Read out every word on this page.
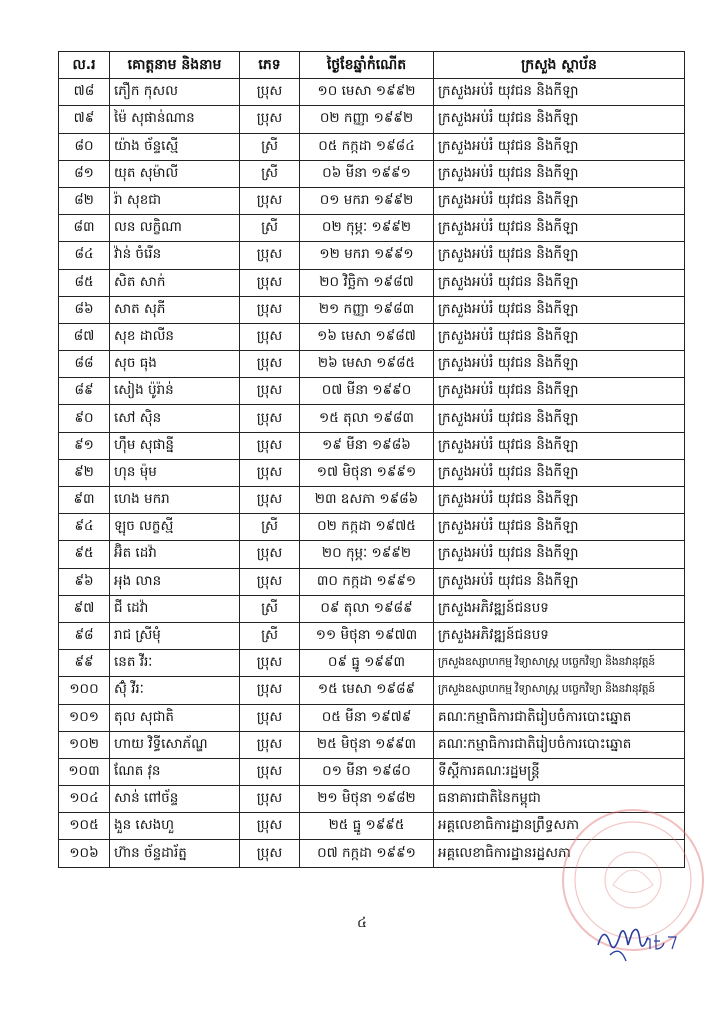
ល.រ	គោត្តនាម និងនាម	ភេទ	ថ្ងៃខែឆ្នាំកំណើត	ក្រសួង ស្ថាប័ន
៧៨	ភឿក កុសល	ប្រុស	១០ មេសា ១៩៩២	ក្រសួងអប់រំ យុវជន និងកីឡា
៧៩	ម៉ៃ សុផាន់ណាន	ប្រុស	០២ កញ្ញា ១៩៩២	ក្រសួងអប់រំ យុវជន និងកីឡា
៨០	យ៉ាង ច័ន្ទស្មើ	ស្រី	០៥ កក្កដា ១៩៨៤	ក្រសួងអប់រំ យុវជន និងកីឡា
៨១	យុត សុម៉ាលី	ស្រី	០៦ មីនា ១៩៩១	ក្រសួងអប់រំ យុវជន និងកីឡា
៨២	រ៉ា សុខជា	ប្រុស	០១ មករា ១៩៩២	ក្រសួងអប់រំ យុវជន និងកីឡា
៨៣	លន លក្ខិណា	ស្រី	០២ កុម្ភៈ ១៩៩២	ក្រសួងអប់រំ យុវជន និងកីឡា
៨៤	វ៉ាន់ ចំរើន	ប្រុស	១២ មករា ១៩៩១	ក្រសួងអប់រំ យុវជន និងកីឡា
៨៥	សិត សាក់	ប្រុស	២០ វិច្ឆិកា ១៩៨៧	ក្រសួងអប់រំ យុវជន និងកីឡា
៨៦	សាត សុភី	ប្រុស	២១ កញ្ញា ១៩៨៣	ក្រសួងអប់រំ យុវជន និងកីឡា
៨៧	សុខ ដាលីន	ប្រុស	១៦ មេសា ១៩៨៧	ក្រសួងអប់រំ យុវជន និងកីឡា
៨៨	សុច ធុង	ប្រុស	២៦ មេសា ១៩៨៥	ក្រសួងអប់រំ យុវជន និងកីឡា
៨៩	សៀង ប៉ូរ៉ាន់	ប្រុស	០៧ មីនា ១៩៩០	ក្រសួងអប់រំ យុវជន និងកីឡា
៩០	សៅ ស៊ិន	ប្រុស	១៥ តុលា ១៩៨៣	ក្រសួងអប់រំ យុវជន និងកីឡា
៩១	ហ៊ឹម សុផាន្នី	ប្រុស	១៩ មីនា ១៩៨៦	ក្រសួងអប់រំ យុវជន និងកីឡា
៩២	ហុន ម៉ុម	ប្រុស	១៧ មិថុនា ១៩៩១	ក្រសួងអប់រំ យុវជន និងកីឡា
៩៣	ហេង មករា	ប្រុស	២៣ ឧសភា ១៩៨៦	ក្រសួងអប់រំ យុវជន និងកីឡា
៩៤	ឡុច លក្ខស្មី	ស្រី	០២ កក្កដា ១៩៧៥	ក្រសួងអប់រំ យុវជន និងកីឡា
៩៥	អ៊ិត ដេវ៉ា	ប្រុស	២០ កុម្ភៈ ១៩៩២	ក្រសួងអប់រំ យុវជន និងកីឡា
៩៦	អុង លាន	ប្រុស	៣០ កក្កដា ១៩៩១	ក្រសួងអប់រំ យុវជន និងកីឡា
៩៧	ជី ដេវ៉ា	ស្រី	០៩ តុលា ១៩៨៩	ក្រសួងអភិវឌ្ឍន៍ជនបទ
៩៨	រាជ ស្រីមុំ	ស្រី	១១ មិថុនា ១៩៧៣	ក្រសួងអភិវឌ្ឍន៍ជនបទ
៩៩	នេត វីរៈ	ប្រុស	០៩ ធ្នូ ១៩៩៣	ក្រសួងឧស្សាហកម្ម វិទ្យាសាស្ត្រ បច្ចេកវិទ្យា និងនវានុវត្តន៍
១០០	ស៊ុំ វីរៈ	ប្រុស	១៥ មេសា ១៩៨៩	ក្រសួងឧស្សាហកម្ម វិទ្យាសាស្ត្រ បច្ចេកវិទ្យា និងនវានុវត្តន៍
១០១	តុល សុជាតិ	ប្រុស	០៥ មីនា ១៩៧៩	គណៈកម្មាធិការជាតិរៀបចំការបោះឆ្នោត
១០២	ហាយ វិទ្ធីសោភ័ណ្ឌ	ប្រុស	២៥ មិថុនា ១៩៩៣	គណៈកម្មាធិការជាតិរៀបចំការបោះឆ្នោត
១០៣	ណែត វុន	ប្រុស	០១ មីនា ១៩៨០	ទីស្តីការគណៈរដ្ឋមន្ត្រី
១០៤	សាន់ ពៅច័ន្ទ	ប្រុស	២១ មិថុនា ១៩៨២	ធនាគារជាតិនៃកម្ពុជា
១០៥	ងួន សេងហួ	ប្រុស	២៥ ធ្នូ ១៩៩៥	អគ្គលេខាធិការដ្ឋានព្រឹទ្ធសភា
១០៦	ហ៊ាន ច័ន្ទដារ័ត្ន	ប្រុស	០៧ កក្កដា ១៩៩១	អគ្គលេខាធិការដ្ឋានរដ្ឋសភា
៤
